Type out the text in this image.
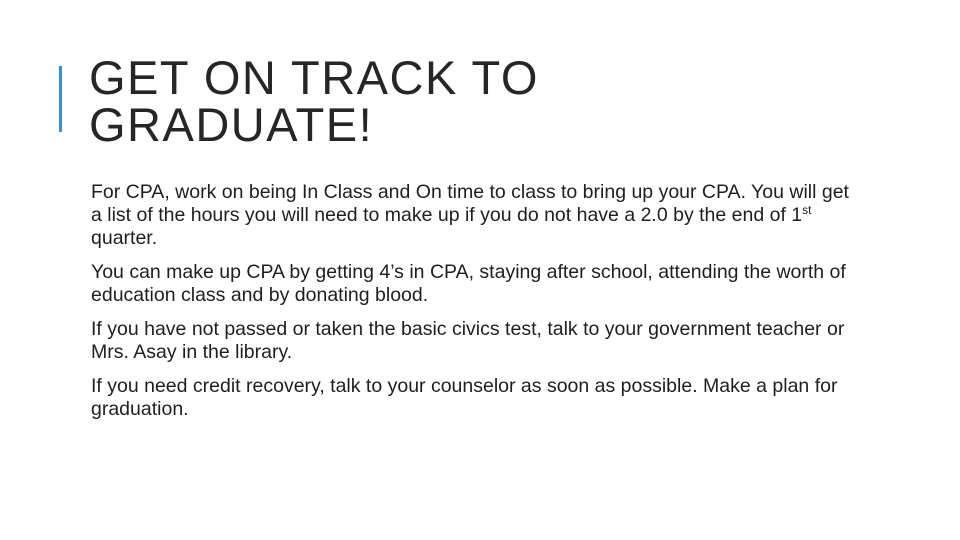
GET ON TRACK TO
GRADUATE!

For CPA, work on being In Class and On time to class to bring up your CPA. You will get a list of the hours you will need to make up if you do not have a 2.0 by the end of 1st quarter.

You can make up CPA by getting 4’s in CPA, staying after school, attending the worth of education class and by donating blood.

If you have not passed or taken the basic civics test, talk to your government teacher or Mrs. Asay in the library.

If you need credit recovery, talk to your counselor as soon as possible. Make a plan for graduation.
